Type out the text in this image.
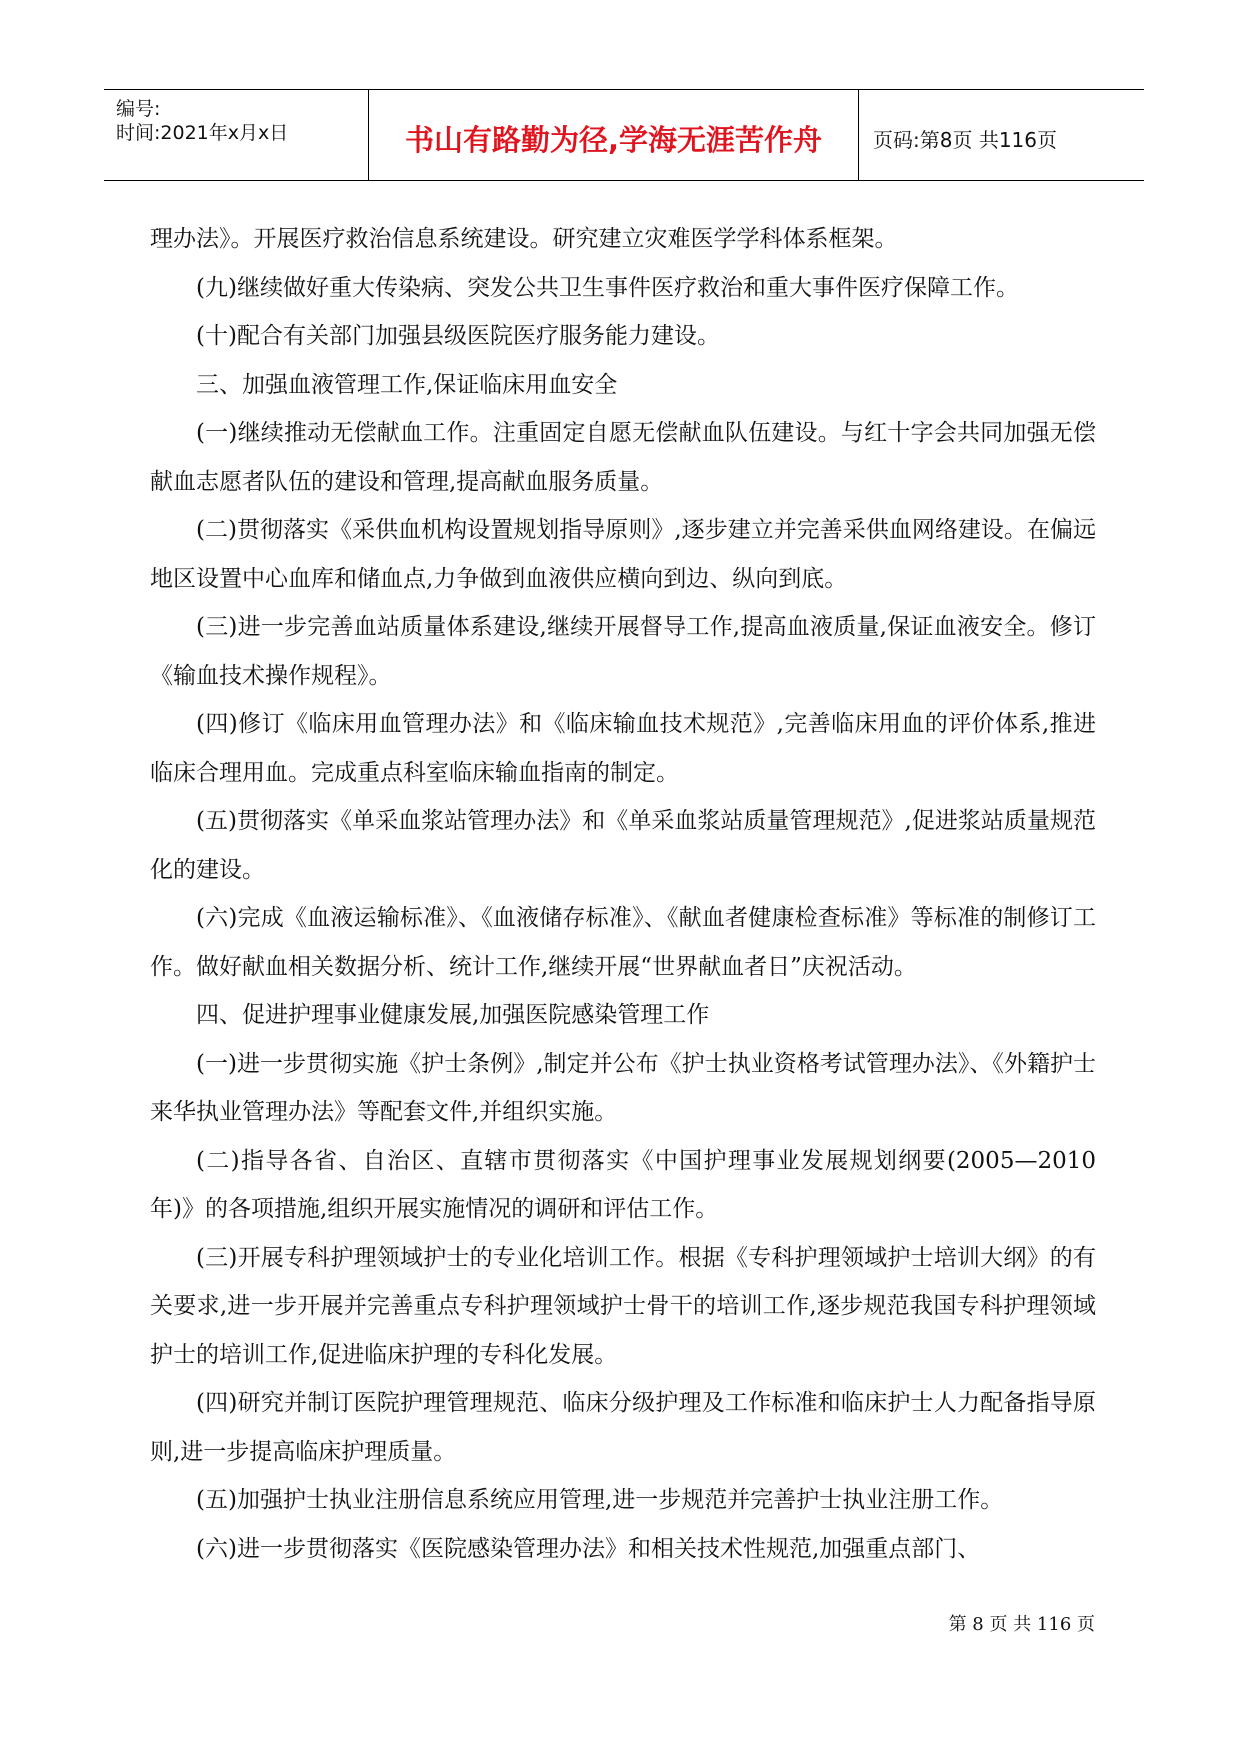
编号:
时间:2021年x月x日	书山有路勤为径,学海无涯苦作舟	页码:第8页 共116页

理办法》。开展医疗救治信息系统建设。研究建立灾难医学学科体系框架。

(九)继续做好重大传染病、突发公共卫生事件医疗救治和重大事件医疗保障工作。

(十)配合有关部门加强县级医院医疗服务能力建设。

三、加强血液管理工作,保证临床用血安全

(一)继续推动无偿献血工作。注重固定自愿无偿献血队伍建设。与红十字会共同加强无偿献血志愿者队伍的建设和管理,提高献血服务质量。

(二)贯彻落实《采供血机构设置规划指导原则》,逐步建立并完善采供血网络建设。在偏远地区设置中心血库和储血点,力争做到血液供应横向到边、纵向到底。

(三)进一步完善血站质量体系建设,继续开展督导工作,提高血液质量,保证血液安全。修订《输血技术操作规程》。

(四)修订《临床用血管理办法》和《临床输血技术规范》,完善临床用血的评价体系,推进临床合理用血。完成重点科室临床输血指南的制定。

(五)贯彻落实《单采血浆站管理办法》和《单采血浆站质量管理规范》,促进浆站质量规范化的建设。

(六)完成《血液运输标准》、《血液储存标准》、《献血者健康检查标准》等标准的制修订工作。做好献血相关数据分析、统计工作,继续开展“世界献血者日”庆祝活动。

四、促进护理事业健康发展,加强医院感染管理工作

(一)进一步贯彻实施《护士条例》,制定并公布《护士执业资格考试管理办法》、《外籍护士来华执业管理办法》等配套文件,并组织实施。

(二)指导各省、自治区、直辖市贯彻落实《中国护理事业发展规划纲要(2005—2010年)》的各项措施,组织开展实施情况的调研和评估工作。

(三)开展专科护理领域护士的专业化培训工作。根据《专科护理领域护士培训大纲》的有关要求,进一步开展并完善重点专科护理领域护士骨干的培训工作,逐步规范我国专科护理领域护士的培训工作,促进临床护理的专科化发展。

(四)研究并制订医院护理管理规范、临床分级护理及工作标准和临床护士人力配备指导原则,进一步提高临床护理质量。

(五)加强护士执业注册信息系统应用管理,进一步规范并完善护士执业注册工作。

(六)进一步贯彻落实《医院感染管理办法》和相关技术性规范,加强重点部门、

第 8 页 共 116 页
